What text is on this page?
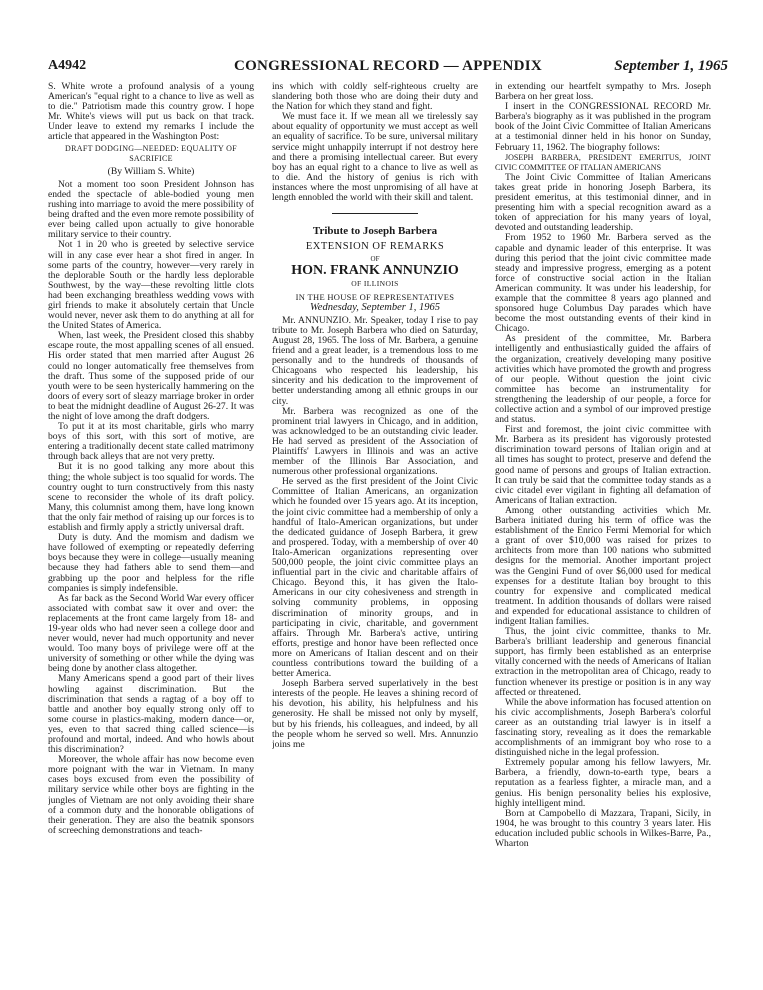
A4942	CONGRESSIONAL RECORD — APPENDIX	September 1, 1965

S. White wrote a profound analysis of a young American's "equal right to a chance to live as well as to die." Patriotism made this country grow. I hope Mr. White's views will put us back on that track. Under leave to extend my remarks I include the article that appeared in the Washington Post:

DRAFT DODGING—NEEDED: EQUALITY OF SACRIFICE
(By William S. White)

Not a moment too soon President Johnson has ended the spectacle of able-bodied young men rushing into marriage to avoid the mere possibility of being drafted and the even more remote possibility of ever being called upon actually to give honorable military service to their country.

Not 1 in 20 who is greeted by selective service will in any case ever hear a shot fired in anger. In some parts of the country, however—very rarely in the deplorable South or the hardly less deplorable Southwest, by the way—these revolting little clots had been exchanging breathless wedding vows with girl friends to make it absolutely certain that Uncle would never, never ask them to do anything at all for the United States of America.

When, last week, the President closed this shabby escape route, the most appalling scenes of all ensued. His order stated that men married after August 26 could no longer automatically free themselves from the draft. Thus some of the supposed pride of our youth were to be seen hysterically hammering on the doors of every sort of sleazy marriage broker in order to beat the midnight deadline of August 26-27. It was the night of love among the draft dodgers.

To put it at its most charitable, girls who marry boys of this sort, with this sort of motive, are entering a traditionally decent state called matrimony through back alleys that are not very pretty.

But it is no good talking any more about this thing; the whole subject is too squalid for words. The country ought to turn constructively from this nasty scene to reconsider the whole of its draft policy. Many, this columnist among them, have long known that the only fair method of raising up our forces is to establish and firmly apply a strictly universal draft.

Duty is duty. And the momism and dadism we have followed of exempting or repeatedly deferring boys because they were in college—usually meaning because they had fathers able to send them—and grabbing up the poor and helpless for the rifle companies is simply indefensible.

As far back as the Second World War every officer associated with combat saw it over and over: the replacements at the front came largely from 18- and 19-year olds who had never seen a college door and never would, never had much opportunity and never would. Too many boys of privilege were off at the university of something or other while the dying was being done by another class altogether.

Many Americans spend a good part of their lives howling against discrimination. But the discrimination that sends a ragtag of a boy off to battle and another boy equally strong only off to some course in plastics-making, modern dance—or, yes, even to that sacred thing called science—is profound and mortal, indeed. And who howls about this discrimination?

Moreover, the whole affair has now become even more poignant with the war in Vietnam. In many cases boys excused from even the possibility of military service while other boys are fighting in the jungles of Vietnam are not only avoiding their share of a common duty and the honorable obligations of their generation. They are also the beatnik sponsors of screeching demonstrations and teach-

ins which with coldly self-righteous cruelty are slandering both those who are doing their duty and the Nation for which they stand and fight.

We must face it. If we mean all we tirelessly say about equality of opportunity we must accept as well an equality of sacrifice. To be sure, universal military service might unhappily interrupt if not destroy here and there a promising intellectual career. But every boy has an equal right to a chance to live as well as to die. And the history of genius is rich with instances where the most unpromising of all have at length ennobled the world with their skill and talent.

Tribute to Joseph Barbera
EXTENSION OF REMARKS
OF
HON. FRANK ANNUNZIO
OF ILLINOIS
IN THE HOUSE OF REPRESENTATIVES
Wednesday, September 1, 1965

Mr. ANNUNZIO. Mr. Speaker, today I rise to pay tribute to Mr. Joseph Barbera who died on Saturday, August 28, 1965. The loss of Mr. Barbera, a genuine friend and a great leader, is a tremendous loss to me personally and to the hundreds of thousands of Chicagoans who respected his leadership, his sincerity and his dedication to the improvement of better understanding among all ethnic groups in our city.

Mr. Barbera was recognized as one of the prominent trial lawyers in Chicago, and in addition, was acknowledged to be an outstanding civic leader. He had served as president of the Association of Plaintiffs' Lawyers in Illinois and was an active member of the Illinois Bar Association, and numerous other professional organizations.

He served as the first president of the Joint Civic Committee of Italian Americans, an organization which he founded over 15 years ago. At its inception, the joint civic committee had a membership of only a handful of Italo-American organizations, but under the dedicated guidance of Joseph Barbera, it grew and prospered. Today, with a membership of over 40 Italo-American organizations representing over 500,000 people, the joint civic committee plays an influential part in the civic and charitable affairs of Chicago. Beyond this, it has given the Italo-Americans in our city cohesiveness and strength in solving community problems, in opposing discrimination of minority groups, and in participating in civic, charitable, and government affairs. Through Mr. Barbera's active, untiring efforts, prestige and honor have been reflected once more on Americans of Italian descent and on their countless contributions toward the building of a better America.

Joseph Barbera served superlatively in the best interests of the people. He leaves a shining record of his devotion, his ability, his helpfulness and his generosity. He shall be missed not only by myself, but by his friends, his colleagues, and indeed, by all the people whom he served so well. Mrs. Annunzio joins me

in extending our heartfelt sympathy to Mrs. Joseph Barbera on her great loss.

I insert in the CONGRESSIONAL RECORD Mr. Barbera's biography as it was published in the program book of the Joint Civic Committee of Italian Americans at a testimonial dinner held in his honor on Sunday, February 11, 1962. The biography follows:

JOSEPH BARBERA, PRESIDENT EMERITUS, JOINT CIVIC COMMITTEE OF ITALIAN AMERICANS

The Joint Civic Committee of Italian Americans takes great pride in honoring Joseph Barbera, its president emeritus, at this testimonial dinner, and in presenting him with a special recognition award as a token of appreciation for his many years of loyal, devoted and outstanding leadership.

From 1952 to 1960 Mr. Barbera served as the capable and dynamic leader of this enterprise. It was during this period that the joint civic committee made steady and impressive progress, emerging as a potent force of constructive social action in the Italian American community. It was under his leadership, for example that the committee 8 years ago planned and sponsored huge Columbus Day parades which have become the most outstanding events of their kind in Chicago.

As president of the committee, Mr. Barbera intelligently and enthusiastically guided the affairs of the organization, creatively developing many positive activities which have promoted the growth and progress of our people. Without question the joint civic committee has become an instrumentality for strengthening the leadership of our people, a force for collective action and a symbol of our improved prestige and status.

First and foremost, the joint civic committee with Mr. Barbera as its president has vigorously protested discrimination toward persons of Italian origin and at all times has sought to protect, preserve and defend the good name of persons and groups of Italian extraction. It can truly be said that the committee today stands as a civic citadel ever vigilant in fighting all defamation of Americans of Italian extraction.

Among other outstanding activities which Mr. Barbera initiated during his term of office was the establishment of the Enrico Fermi Memorial for which a grant of over $10,000 was raised for prizes to architects from more than 100 nations who submitted designs for the memorial. Another important project was the Gengini Fund of over $6,000 used for medical expenses for a destitute Italian boy brought to this country for expensive and complicated medical treatment. In addition thousands of dollars were raised and expended for educational assistance to children of indigent Italian families.

Thus, the joint civic committee, thanks to Mr. Barbera's brilliant leadership and generous financial support, has firmly been established as an enterprise vitally concerned with the needs of Americans of Italian extraction in the metropolitan area of Chicago, ready to function whenever its prestige or position is in any way affected or threatened.

While the above information has focused attention on his civic accomplishments, Joseph Barbera's colorful career as an outstanding trial lawyer is in itself a fascinating story, revealing as it does the remarkable accomplishments of an immigrant boy who rose to a distinguished niche in the legal profession.

Extremely popular among his fellow lawyers, Mr. Barbera, a friendly, down-to-earth type, bears a reputation as a fearless fighter, a miracle man, and a genius. His benign personality belies his explosive, highly intelligent mind.

Born at Campobello di Mazzara, Trapani, Sicily, in 1904, he was brought to this country 3 years later. His education included public schools in Wilkes-Barre, Pa., Wharton
